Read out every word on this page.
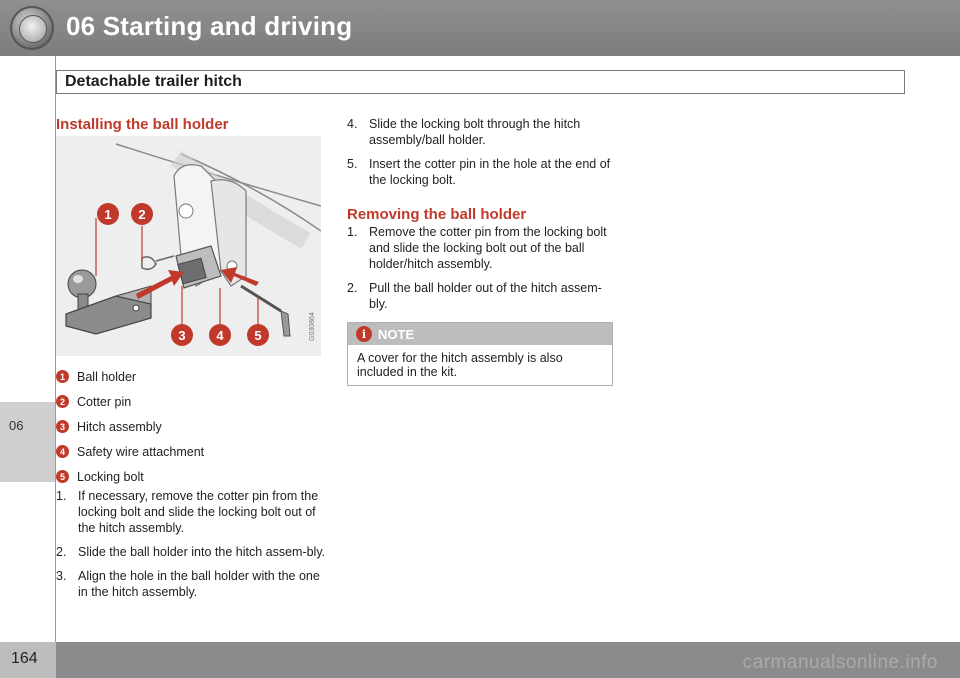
06 Starting and driving
Detachable trailer hitch
06
Installing the ball holder
1 2
3 4 5	G030864
1 Ball holder
2 Cotter pin
3 Hitch assembly
4 Safety wire attachment
5 Locking bolt
1. If necessary, remove the cotter pin from the locking bolt and slide the locking bolt out of the hitch assembly.
2. Slide the ball holder into the hitch assem-bly.
3. Align the hole in the ball holder with the one in the hitch assembly.
4. Slide the locking bolt through the hitch assembly/ball holder.
5. Insert the cotter pin in the hole at the end of the locking bolt.
Removing the ball holder
1. Remove the cotter pin from the locking bolt and slide the locking bolt out of the ball holder/hitch assembly.
2. Pull the ball holder out of the hitch assem-bly.
i NOTE
A cover for the hitch assembly is also included in the kit.
164	carmanualsonline.info
